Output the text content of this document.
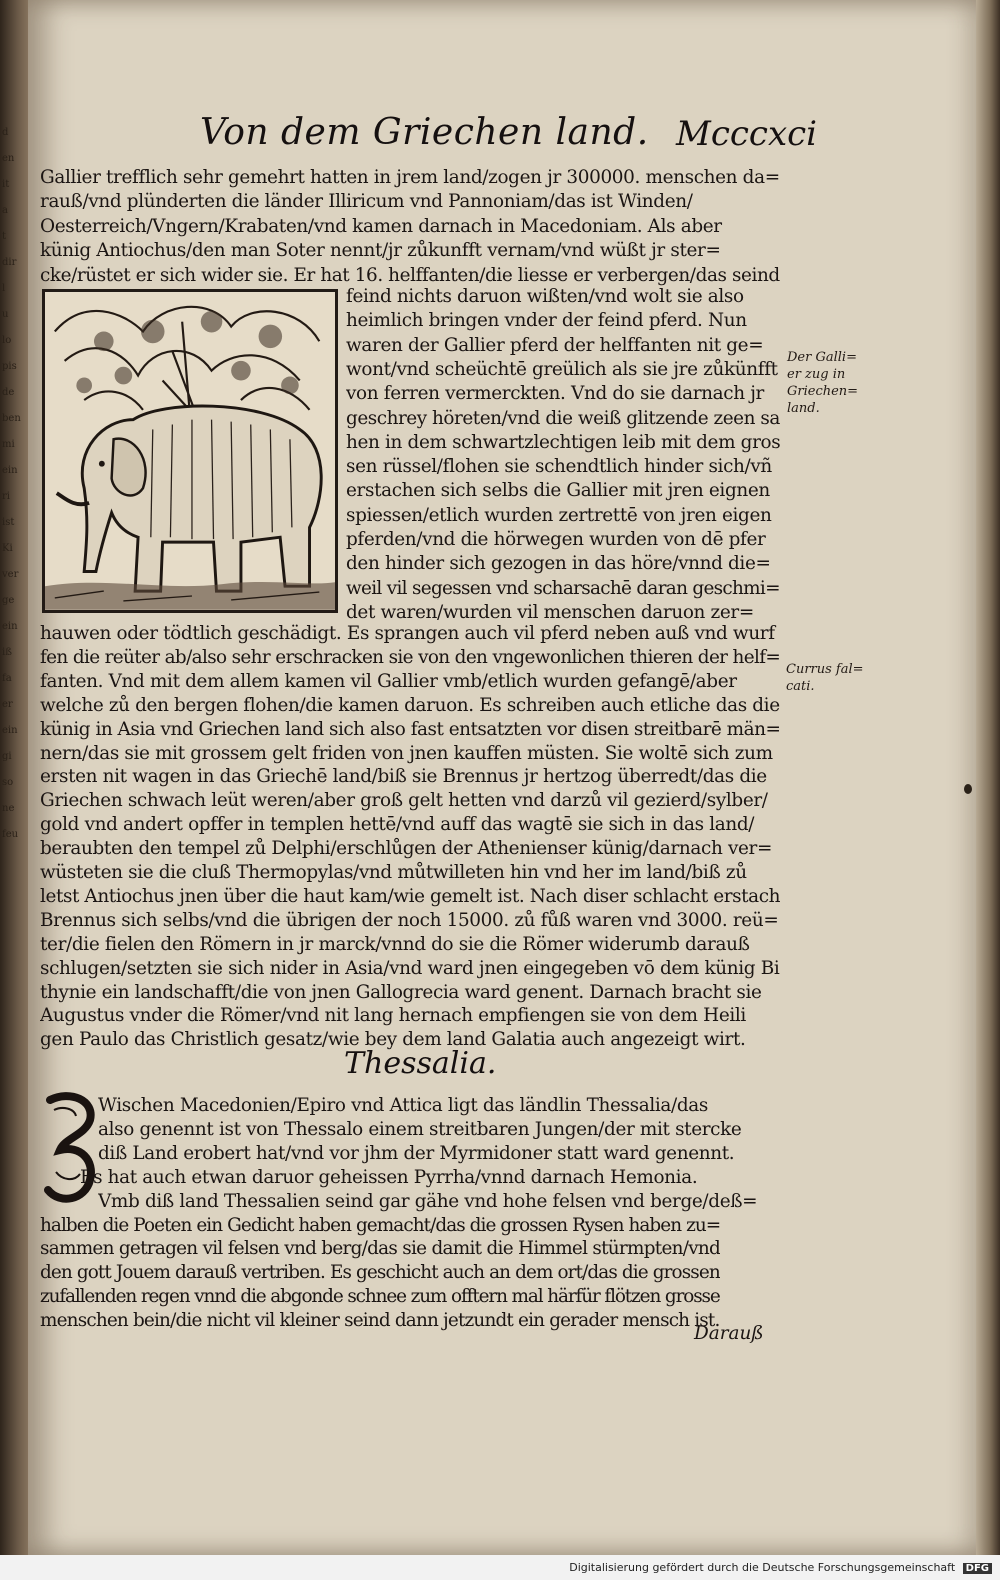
d
en
it
a
t
dir
l
u
lo
pis
de
ben
mi
ein
ri
ist
Ki
ver
ge
ein
iß
fa
er
ein
gi
so
ne
feu
Von dem Griechen land. Mcccxci
Gallier trefflich sehr gemehrt hatten in jrem land/zogen jr 300000. menschen da=
rauß/vnd plünderten die länder Illiricum vnd Pannoniam/das ist Winden/
Oesterreich/Vngern/Krabaten/vnd kamen darnach in Macedoniam. Als aber
künig Antiochus/den man Soter nennt/jr zůkunfft vernam/vnd wüßt jr ster=
cke/rüstet er sich wider sie. Er hat 16. helffanten/die liesse er verbergen/das seind
feind nichts daruon wißten/vnd wolt sie also
heimlich bringen vnder der feind pferd. Nun
waren der Gallier pferd der helffanten nit ge=
wont/vnd scheüchtē greülich als sie jre zůkünfft
von ferren vermerckten. Vnd do sie darnach jr
geschrey höreten/vnd die weiß glitzende zeen sa
hen in dem schwartzlechtigen leib mit dem gros
sen rüssel/flohen sie schendtlich hinder sich/vñ
erstachen sich selbs die Gallier mit jren eignen
spiessen/etlich wurden zertrettē von jren eigen
pferden/vnd die hörwegen wurden von dē pfer
den hinder sich gezogen in das höre/vnnd die=
weil vil segessen vnd scharsachē daran geschmi=
det waren/wurden vil menschen daruon zer=
hauwen oder tödtlich geschädigt. Es sprangen auch vil pferd neben auß vnd wurf
fen die reüter ab/also sehr erschracken sie von den vngewonlichen thieren der helf=
fanten. Vnd mit dem allem kamen vil Gallier vmb/etlich wurden gefangē/aber
welche zů den bergen flohen/die kamen daruon. Es schreiben auch etliche das die
künig in Asia vnd Griechen land sich also fast entsatzten vor disen streitbarē män=
nern/das sie mit grossem gelt friden von jnen kauffen müsten. Sie woltē sich zum
ersten nit wagen in das Griechē land/biß sie Brennus jr hertzog überredt/das die
Griechen schwach leüt weren/aber groß gelt hetten vnd darzů vil gezierd/sylber/
gold vnd andert opffer in templen hettē/vnd auff das wagtē sie sich in das land/
beraubten den tempel zů Delphi/erschlůgen der Athenienser künig/darnach ver=
wüsteten sie die cluß Thermopylas/vnd můtwilleten hin vnd her im land/biß zů
letst Antiochus jnen über die haut kam/wie gemelt ist. Nach diser schlacht erstach
Brennus sich selbs/vnd die übrigen der noch 15000. zů fůß waren vnd 3000. reü=
ter/die fielen den Römern in jr marck/vnnd do sie die Römer widerumb darauß
schlugen/setzten sie sich nider in Asia/vnd ward jnen eingegeben vō dem künig Bi
thynie ein landschafft/die von jnen Gallogrecia ward genent. Darnach bracht sie
Augustus vnder die Römer/vnd nit lang hernach empfiengen sie von dem Heili
gen Paulo das Christlich gesatz/wie bey dem land Galatia auch angezeigt wirt.
Der Galli=
er zug in
Griechen=
land.
Currus fal=
cati.
Thessalia.
Wischen Macedonien/Epiro vnd Attica ligt das ländlin Thessalia/das
also genennt ist von Thessalo einem streitbaren Jungen/der mit stercke
diß Land erobert hat/vnd vor jhm der Myrmidoner statt ward genennt.
Es hat auch etwan daruor geheissen Pyrrha/vnnd darnach Hemonia.
Vmb diß land Thessalien seind gar gähe vnd hohe felsen vnd berge/deß=
halben die Poeten ein Gedicht haben gemacht/das die grossen Rysen haben zu=
sammen getragen vil felsen vnd berg/das sie damit die Himmel stürmpten/vnd
den gott Jouem darauß vertriben. Es geschicht auch an dem ort/das die grossen
zufallenden regen vnnd die abgonde schnee zum offtern mal härfür flötzen grosse
menschen bein/die nicht vil kleiner seind dann jetzundt ein gerader mensch ist.
Darauß
Digitalisierung gefördert durch die Deutsche Forschungsgemeinschaft DFG
